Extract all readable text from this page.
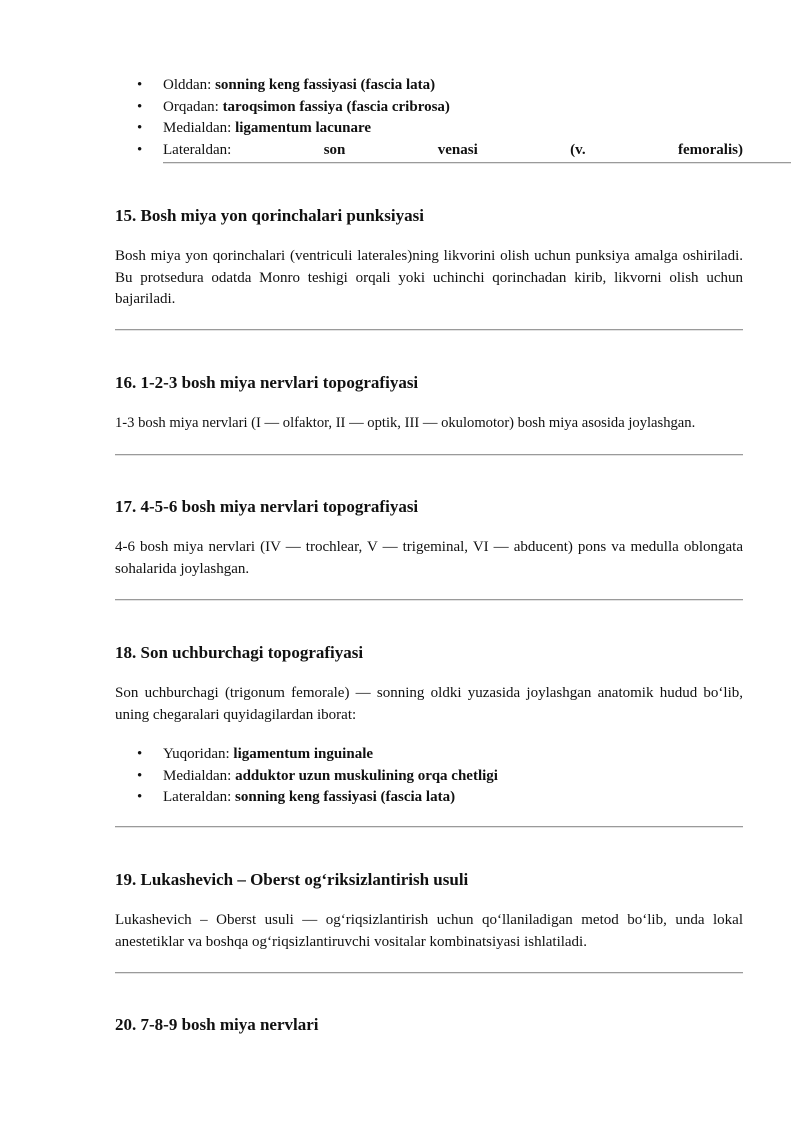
• Olddan: sonning keng fassiyasi (fascia lata)
• Orqadan: taroqsimon fassiya (fascia cribrosa)
• Medialdan: ligamentum lacunare
• Lateraldan:	son	venasi	(v.	femoralis)
15. Bosh miya yon qorinchalari punksiyasi

Bosh miya yon qorinchalari (ventriculi laterales)ning likvorini olish uchun punksiya amalga oshiriladi. Bu protsedura odatda Monro teshigi orqali yoki uchinchi qorinchadan kirib, likvorni olish uchun bajariladi.

16. 1-2-3 bosh miya nervlari topografiyasi

1-3 bosh miya nervlari (I — olfaktor, II — optik, III — okulomotor) bosh miya asosida joylashgan.

17. 4-5-6 bosh miya nervlari topografiyasi

4-6 bosh miya nervlari (IV — trochlear, V — trigeminal, VI — abducent) pons va medulla oblongata sohalarida joylashgan.

18. Son uchburchagi topografiyasi

Son uchburchagi (trigonum femorale) — sonning oldki yuzasida joylashgan anatomik hudud bo‘lib, uning chegaralari quyidagilardan iborat:

• Yuqoridan: ligamentum inguinale
• Medialdan: adduktor uzun muskulining orqa chetligi
• Lateraldan: sonning keng fassiyasi (fascia lata)
19. Lukashevich – Oberst og‘riksizlantirish usuli

Lukashevich – Oberst usuli — og‘riqsizlantirish uchun qo‘llaniladigan metod bo‘lib, unda lokal anestetiklar va boshqa og‘riqsizlantiruvchi vositalar kombinatsiyasi ishlatiladi.

20. 7-8-9 bosh miya nervlari
